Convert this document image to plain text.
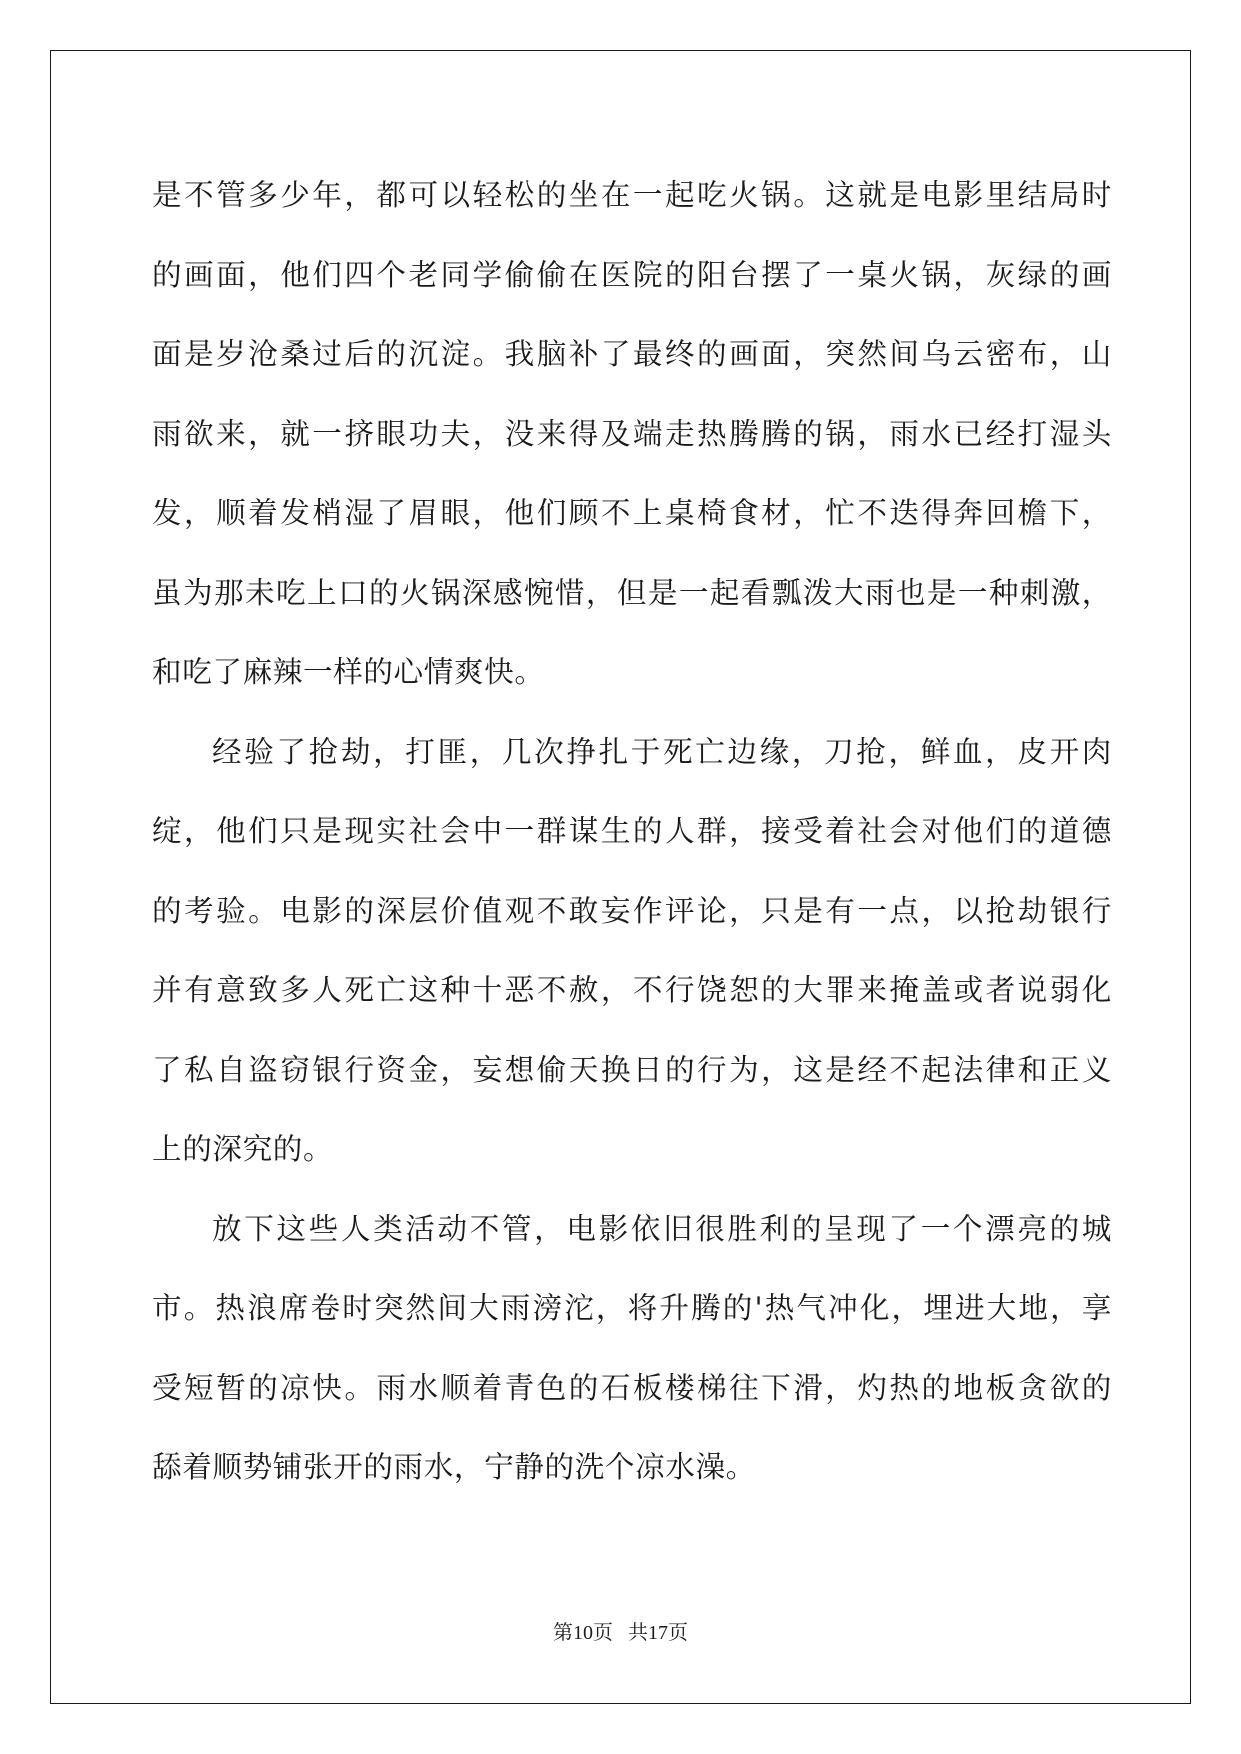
是不管多少年，都可以轻松的坐在一起吃火锅。这就是电影里结局时
的画面，他们四个老同学偷偷在医院的阳台摆了一桌火锅，灰绿的画
面是岁沧桑过后的沉淀。我脑补了最终的画面，突然间乌云密布，山
雨欲来，就一挤眼功夫，没来得及端走热腾腾的锅，雨水已经打湿头
发，顺着发梢湿了眉眼，他们顾不上桌椅食材，忙不迭得奔回檐下，
虽为那未吃上口的火锅深感惋惜，但是一起看瓢泼大雨也是一种刺激，
和吃了麻辣一样的心情爽快。
经验了抢劫，打匪，几次挣扎于死亡边缘，刀抢，鲜血，皮开肉
绽，他们只是现实社会中一群谋生的人群，接受着社会对他们的道德
的考验。电影的深层价值观不敢妄作评论，只是有一点，以抢劫银行
并有意致多人死亡这种十恶不赦，不行饶恕的大罪来掩盖或者说弱化
了私自盗窃银行资金，妄想偷天换日的行为，这是经不起法律和正义
上的深究的。
放下这些人类活动不管，电影依旧很胜利的呈现了一个漂亮的城
市。热浪席卷时突然间大雨滂沱，将升腾的'热气冲化，埋进大地，享
受短暂的凉快。雨水顺着青色的石板楼梯往下滑，灼热的地板贪欲的
舔着顺势铺张开的雨水，宁静的洗个凉水澡。
第10页   共17页
